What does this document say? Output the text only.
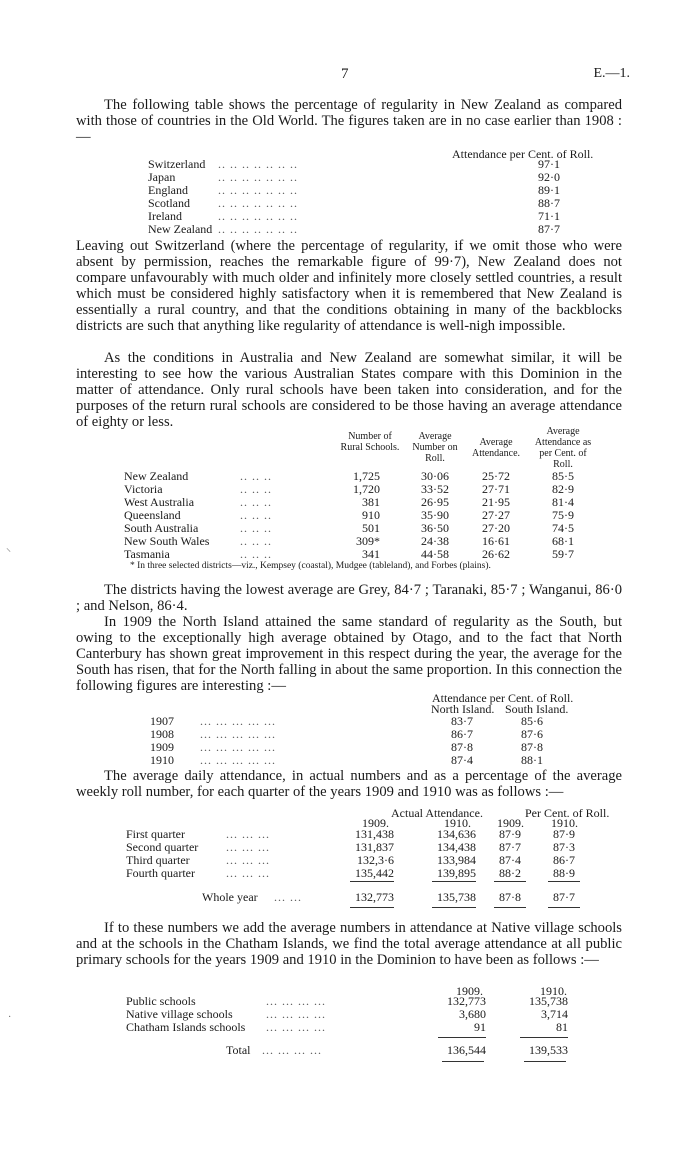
7	E.—1.

The following table shows the percentage of regularity in New Zealand as compared with those of countries in the Old World. The figures taken are in no case earlier than 1908 :—

Attendance per Cent. of Roll.
Switzerland .. .. .. .. .. .. ..	97·1
Japan	.. .. .. .. .. .. ..	92·0
England	.. .. .. .. .. .. ..	89·1
Scotland .. .. .. .. .. .. ..	88·7
Ireland	.. .. .. .. .. .. ..	71·1
New Zealand .. .. .. .. .. .. ..	87·7

Leaving out Switzerland (where the percentage of regularity, if we omit those who were absent by permission, reaches the remarkable figure of 99·7), New Zealand does not compare unfavourably with much older and infinitely more closely settled countries, a result which must be considered highly satisfactory when it is remembered that New Zealand is essentially a rural country, and that the conditions obtaining in many of the backblocks districts are such that anything like regularity of attendance is well-nigh impossible.

As the conditions in Australia and New Zealand are somewhat similar, it will be interesting to see how the various Australian States compare with this Dominion in the matter of attendance. Only rural schools have been taken into consideration, and for the purposes of the return rural schools are considered to be those having an average attendance of eighty or less.

Number of Rural Schools.
Average Number on Roll.
Average Attendance.
Average Attendance as per Cent. of Roll.
New Zealand	.. .. ..	1,725	30·06	25·72	85·5
Victoria	.. .. ..	1,720	33·52	27·71	82·9
West Australia	.. .. ..	381	26·95	21·95	81·4
Queensland	.. .. ..	910	35·90	27·27	75·9
South Australia	.. .. ..	501	36·50	27·20	74·5
New South Wales	.. .. ..	309*	24·38	16·61	68·1
Tasmania	.. .. ..	341	44·58	26·62	59·7
* In three selected districts—viz., Kempsey (coastal), Mudgee (tableland), and Forbes (plains).

The districts having the lowest average are Grey, 84·7 ; Taranaki, 85·7 ; Wanganui, 86·0 ; and Nelson, 86·4.

In 1909 the North Island attained the same standard of regularity as the South, but owing to the exceptionally high average obtained by Otago, and to the fact that North Canterbury has shown great improvement in this respect during the year, the average for the South has risen, that for the North falling in about the same proportion. In this connection the following figures are interesting :—

Attendance per Cent. of Roll.
North Island. South Island.
1907 ... ... ... ... ...	83·7	85·6
1908 ... ... ... ... ...	86·7	87·6
1909 ... ... ... ... ...	87·8	87·8
1910 ... ... ... ... ...	87·4	88·1

The average daily attendance, in actual numbers and as a percentage of the average weekly roll number, for each quarter of the years 1909 and 1910 was as follows :—

Actual Attendance.	Per Cent. of Roll.
1909.	1910. 1909. 1910.
First quarter	... ... ...	131,438	134,636	87·9	87·9
Second quarter ... ... ...	131,837	134,438	87·7	87·3
Third quarter	... ... ...	132,3·6	133,984	87·4	86·7
Fourth quarter	... ... ...	135,442	139,895	88·2	88·9
Whole year ... ...	132,773	135,738	87·8	87·7

If to these numbers we add the average numbers in attendance at Native village schools and at the schools in the Chatham Islands, we find the total average attendance at all public primary schools for the years 1909 and 1910 in the Dominion to have been as follows :—

1909.	1910.
Public schools	... ... ... ...	132,773	135,738
Native village schools	... ... ... ...	3,680	3,714
Chatham Islands schools ... ... ... ...	91	81
Total ... ... ... ...	136,544	139,533
⸜
·
